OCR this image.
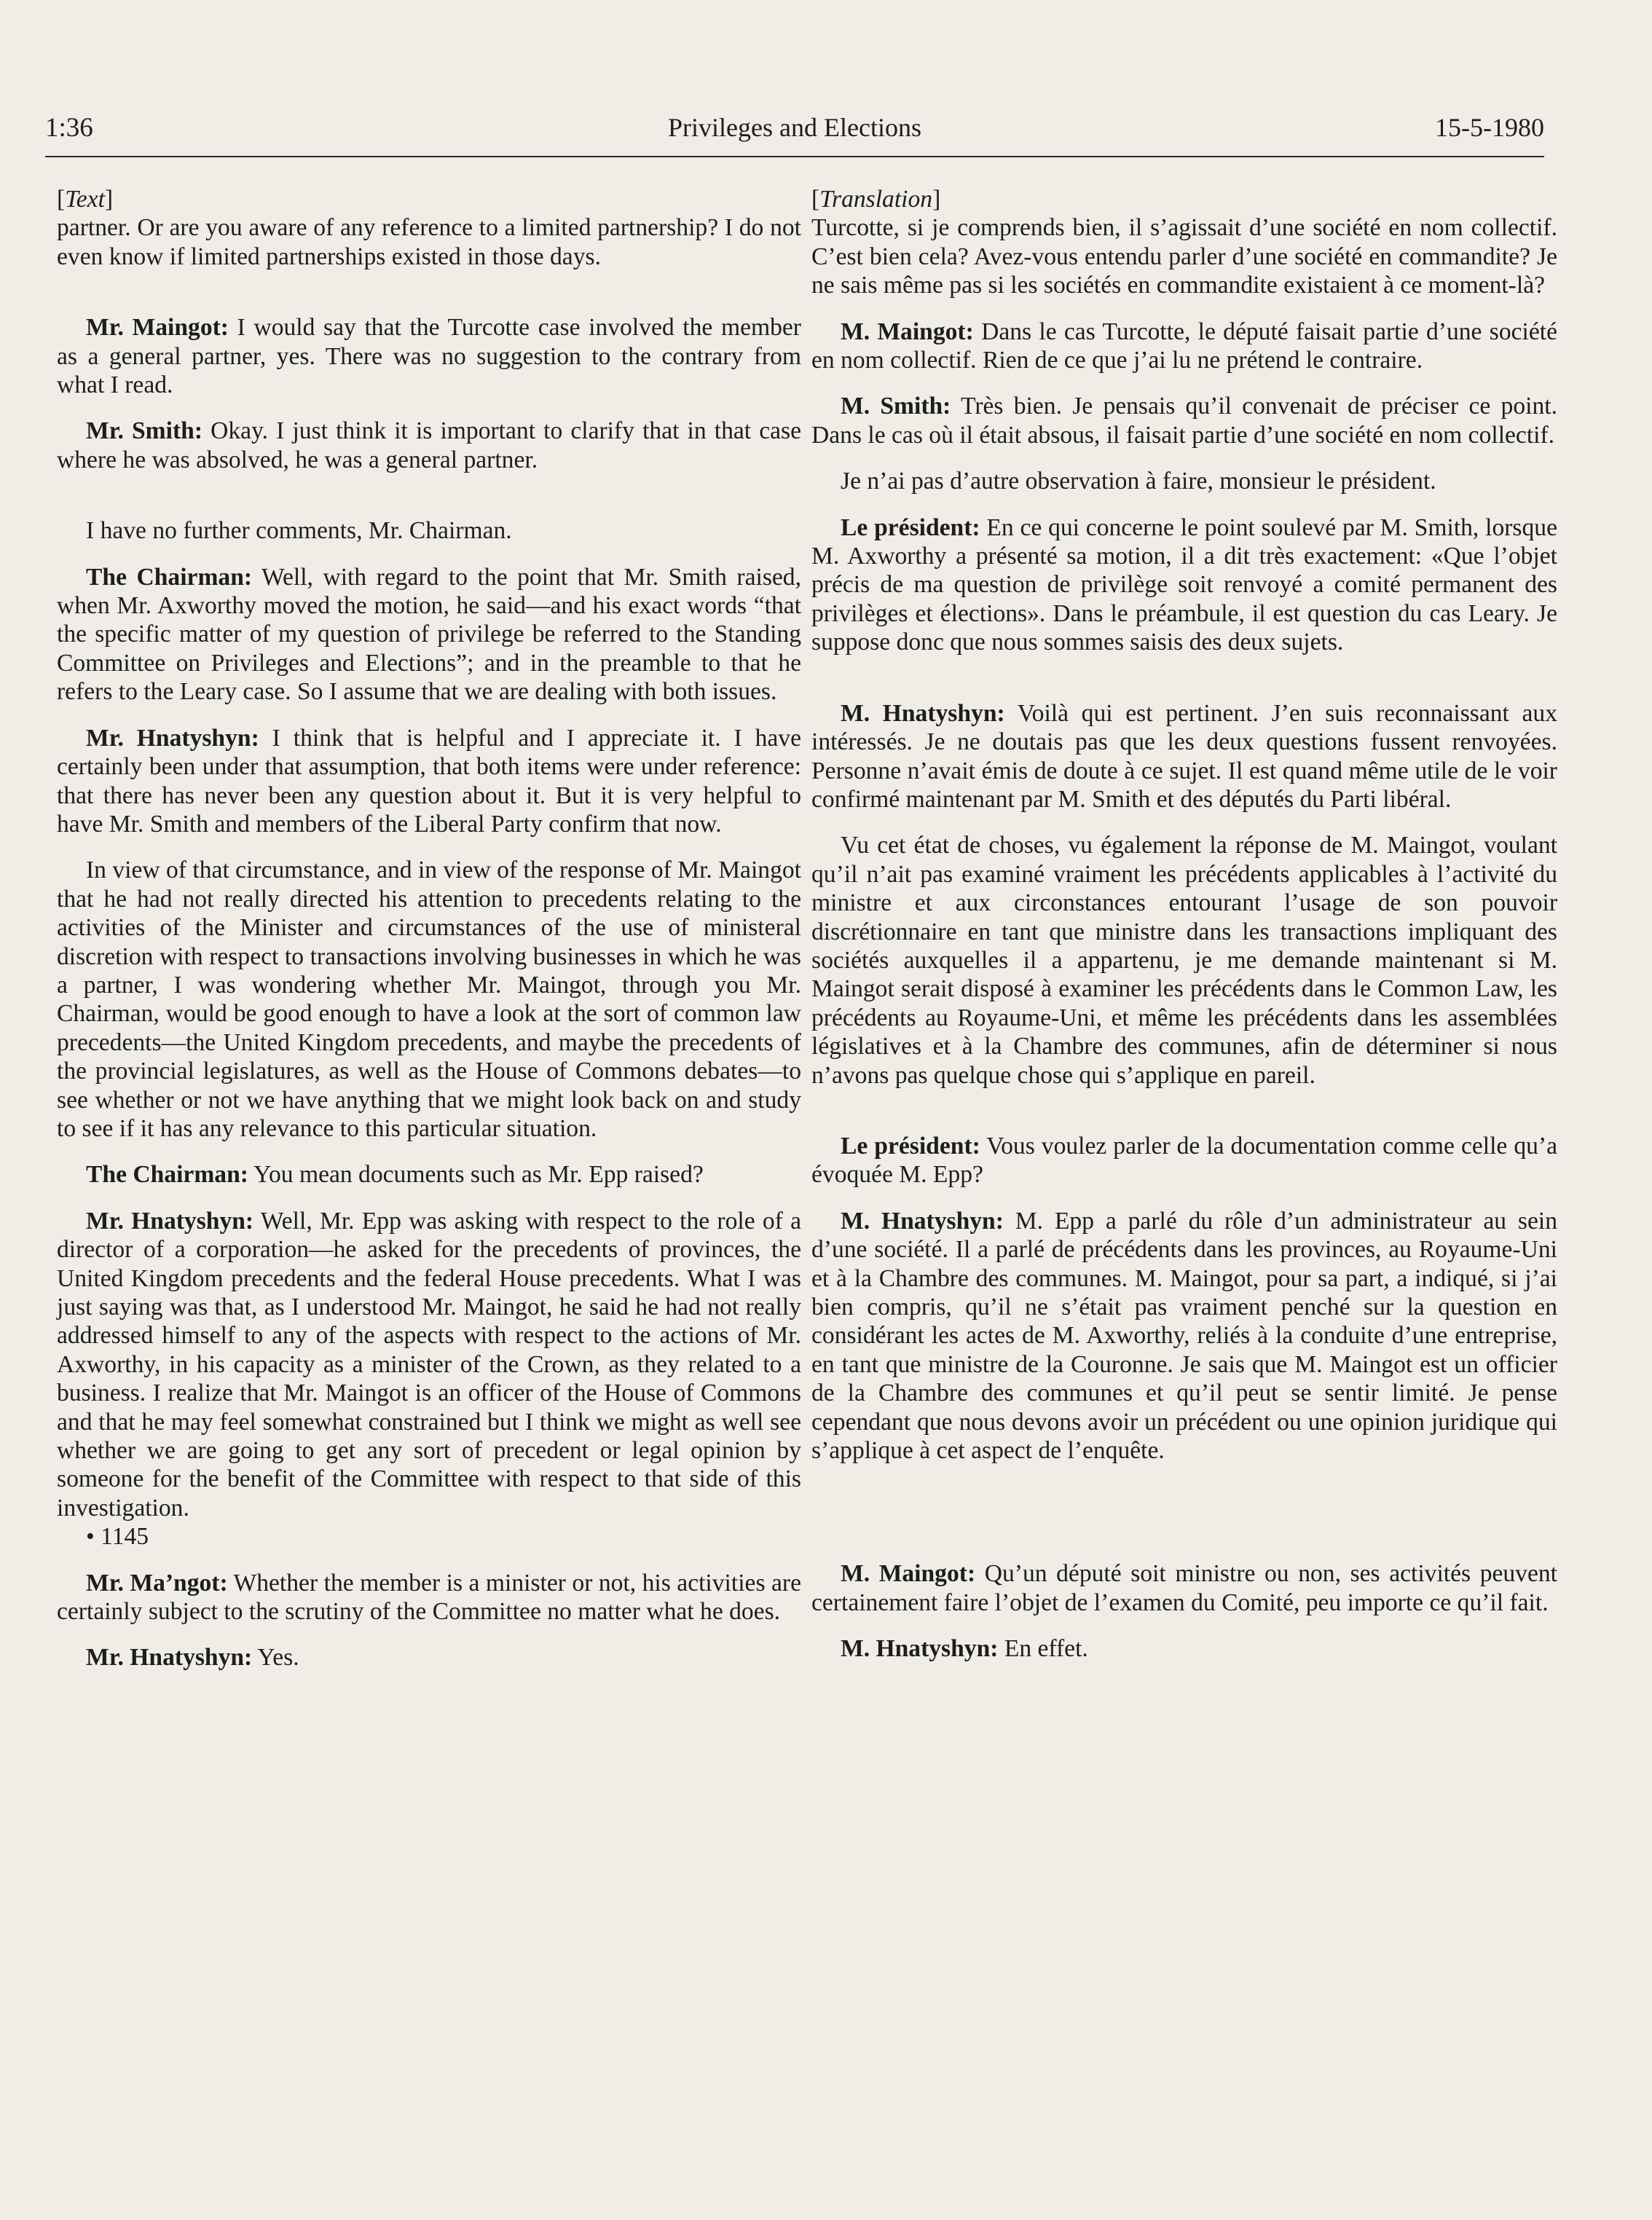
1:36	Privileges and Elections	15-5-1980

[Text]

partner. Or are you aware of any reference to a limited partnership? I do not even know if limited partnerships existed in those days.

Mr. Maingot: I would say that the Turcotte case involved the member as a general partner, yes. There was no suggestion to the contrary from what I read.

Mr. Smith: Okay. I just think it is important to clarify that in that case where he was absolved, he was a general partner.

I have no further comments, Mr. Chairman.

The Chairman: Well, with regard to the point that Mr. Smith raised, when Mr. Axworthy moved the motion, he said—and his exact words “that the specific matter of my question of privilege be referred to the Standing Committee on Privileges and Elections”; and in the preamble to that he refers to the Leary case. So I assume that we are dealing with both issues.

Mr. Hnatyshyn: I think that is helpful and I appreciate it. I have certainly been under that assumption, that both items were under reference: that there has never been any question about it. But it is very helpful to have Mr. Smith and members of the Liberal Party confirm that now.

In view of that circumstance, and in view of the response of Mr. Maingot that he had not really directed his attention to precedents relating to the activities of the Minister and circumstances of the use of ministeral discretion with respect to transactions involving businesses in which he was a partner, I was wondering whether Mr. Maingot, through you Mr. Chairman, would be good enough to have a look at the sort of common law precedents—the United Kingdom precedents, and maybe the precedents of the provincial legislatures, as well as the House of Commons debates—to see whether or not we have anything that we might look back on and study to see if it has any relevance to this particular situation.

The Chairman: You mean documents such as Mr. Epp raised?

Mr. Hnatyshyn: Well, Mr. Epp was asking with respect to the role of a director of a corporation—he asked for the precedents of provinces, the United Kingdom precedents and the federal House precedents. What I was just saying was that, as I understood Mr. Maingot, he said he had not really addressed himself to any of the aspects with respect to the actions of Mr. Axworthy, in his capacity as a minister of the Crown, as they related to a business. I realize that Mr. Maingot is an officer of the House of Commons and that he may feel somewhat constrained but I think we might as well see whether we are going to get any sort of precedent or legal opinion by someone for the benefit of the Committee with respect to that side of this investigation.

• 1145

Mr. Ma’ngot: Whether the member is a minister or not, his activities are certainly subject to the scrutiny of the Committee no matter what he does.

Mr. Hnatyshyn: Yes.

[Translation]

Turcotte, si je comprends bien, il s’agissait d’une société en nom collectif. C’est bien cela? Avez-vous entendu parler d’une société en commandite? Je ne sais même pas si les sociétés en commandite existaient à ce moment-là?

M. Maingot: Dans le cas Turcotte, le député faisait partie d’une société en nom collectif. Rien de ce que j’ai lu ne prétend le contraire.

M. Smith: Très bien. Je pensais qu’il convenait de préciser ce point. Dans le cas où il était absous, il faisait partie d’une société en nom collectif.

Je n’ai pas d’autre observation à faire, monsieur le président.

Le président: En ce qui concerne le point soulevé par M. Smith, lorsque M. Axworthy a présenté sa motion, il a dit très exactement: «Que l’objet précis de ma question de privilège soit renvoyé a comité permanent des privilèges et élections». Dans le préambule, il est question du cas Leary. Je suppose donc que nous sommes saisis des deux sujets.

M. Hnatyshyn: Voilà qui est pertinent. J’en suis reconnaissant aux intéressés. Je ne doutais pas que les deux questions fussent renvoyées. Personne n’avait émis de doute à ce sujet. Il est quand même utile de le voir confirmé maintenant par M. Smith et des députés du Parti libéral.

Vu cet état de choses, vu également la réponse de M. Maingot, voulant qu’il n’ait pas examiné vraiment les précédents applicables à l’activité du ministre et aux circonstances entourant l’usage de son pouvoir discrétionnaire en tant que ministre dans les transactions impliquant des sociétés auxquelles il a appartenu, je me demande maintenant si M. Maingot serait disposé à examiner les précédents dans le Common Law, les précédents au Royaume-Uni, et même les précédents dans les assemblées législatives et à la Chambre des communes, afin de déterminer si nous n’avons pas quelque chose qui s’applique en pareil.

Le président: Vous voulez parler de la documentation comme celle qu’a évoquée M. Epp?

M. Hnatyshyn: M. Epp a parlé du rôle d’un administrateur au sein d’une société. Il a parlé de précédents dans les provinces, au Royaume-Uni et à la Chambre des communes. M. Maingot, pour sa part, a indiqué, si j’ai bien compris, qu’il ne s’était pas vraiment penché sur la question en considérant les actes de M. Axworthy, reliés à la conduite d’une entreprise, en tant que ministre de la Couronne. Je sais que M. Maingot est un officier de la Chambre des communes et qu’il peut se sentir limité. Je pense cependant que nous devons avoir un précédent ou une opinion juridique qui s’applique à cet aspect de l’enquête.

M. Maingot: Qu’un député soit ministre ou non, ses activités peuvent certainement faire l’objet de l’examen du Comité, peu importe ce qu’il fait.

M. Hnatyshyn: En effet.
